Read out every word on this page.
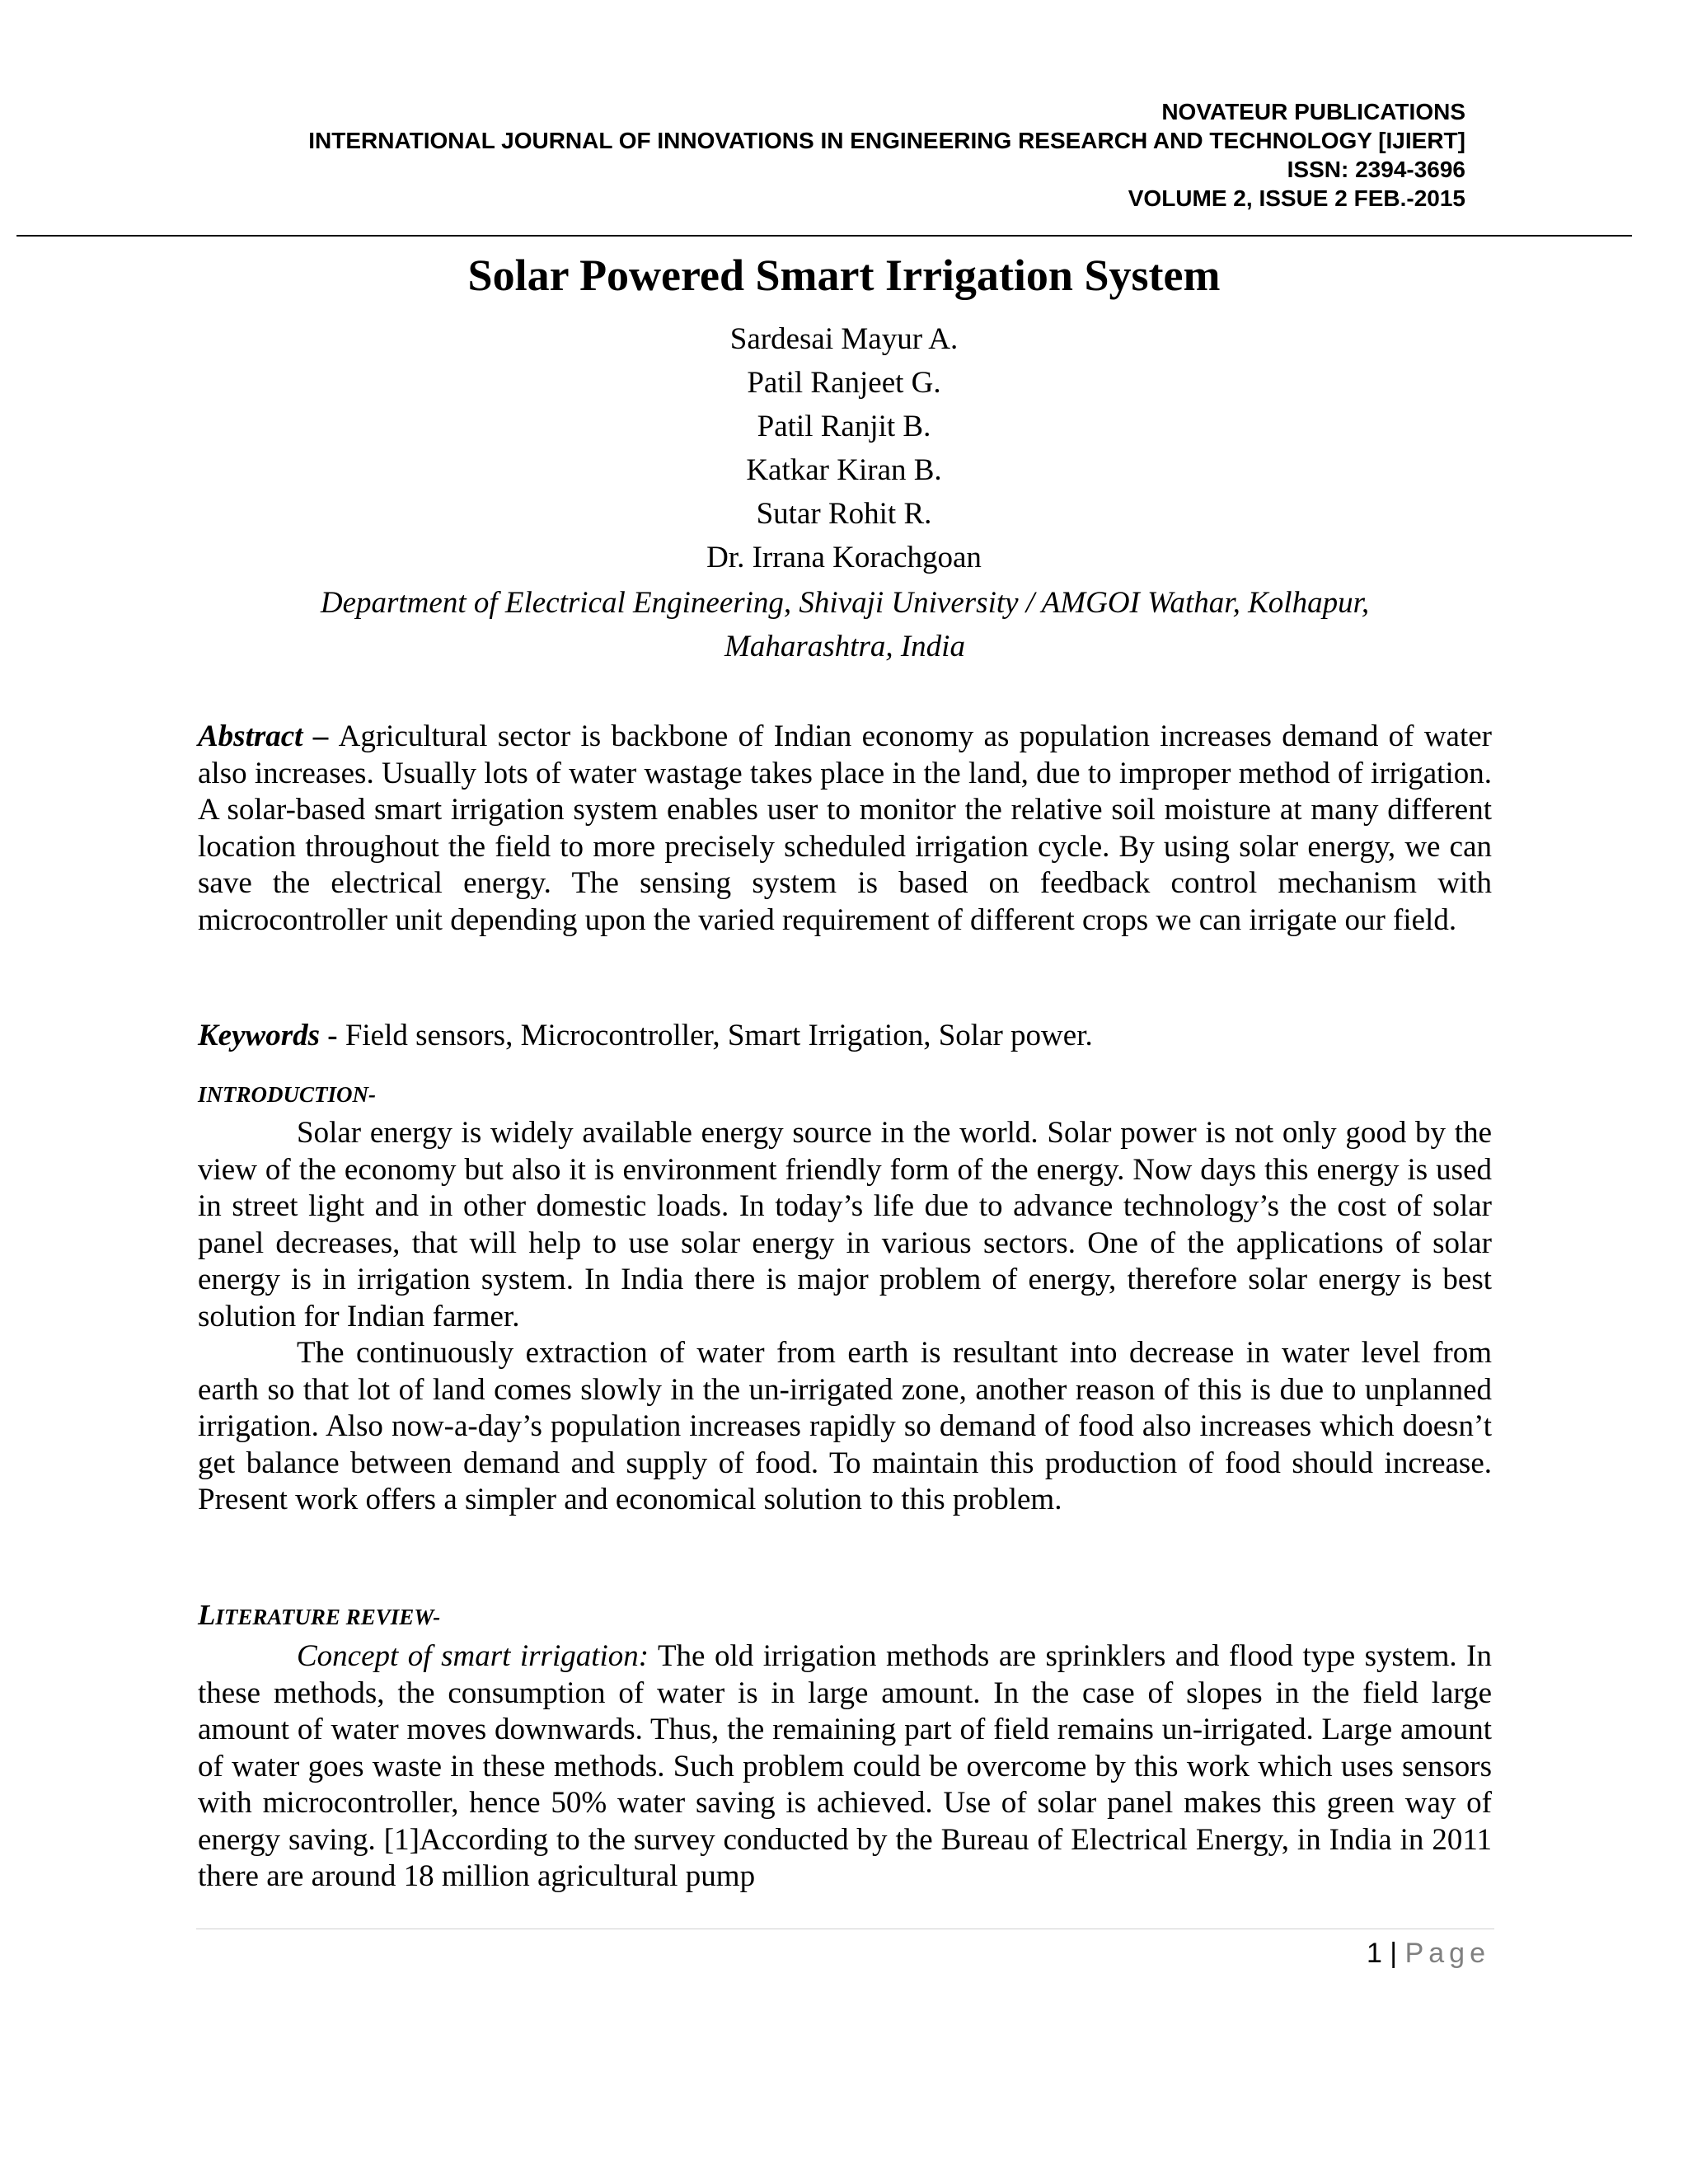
NOVATEUR PUBLICATIONS
INTERNATIONAL JOURNAL OF INNOVATIONS IN ENGINEERING RESEARCH AND TECHNOLOGY [IJIERT]
ISSN: 2394-3696
VOLUME 2, ISSUE 2 FEB.-2015
Solar Powered Smart Irrigation System
Sardesai Mayur A.
Patil Ranjeet G.
Patil Ranjit B.
Katkar Kiran B.
Sutar Rohit R.
Dr. Irrana Korachgoan
Department of Electrical Engineering, Shivaji University / AMGOI Wathar, Kolhapur,
Maharashtra, India

Abstract – Agricultural sector is backbone of Indian economy as population increases demand of water also increases. Usually lots of water wastage takes place in the land, due to improper method of irrigation. A solar-based smart irrigation system enables user to monitor the relative soil moisture at many different location throughout the field to more precisely scheduled irrigation cycle. By using solar energy, we can save the electrical energy. The sensing system is based on feedback control mechanism with microcontroller unit depending upon the varied requirement of different crops we can irrigate our field.

Keywords - Field sensors, Microcontroller, Smart Irrigation, Solar power.

INTRODUCTION-

Solar energy is widely available energy source in the world. Solar power is not only good by the view of the economy but also it is environment friendly form of the energy. Now days this energy is used in street light and in other domestic loads. In today’s life due to advance technology’s the cost of solar panel decreases, that will help to use solar energy in various sectors. One of the applications of solar energy is in irrigation system. In India there is major problem of energy, therefore solar energy is best solution for Indian farmer.

The continuously extraction of water from earth is resultant into decrease in water level from earth so that lot of land comes slowly in the un-irrigated zone, another reason of this is due to unplanned irrigation. Also now-a-day’s population increases rapidly so demand of food also increases which doesn’t get balance between demand and supply of food. To maintain this production of food should increase. Present work offers a simpler and economical solution to this problem.

LITERATURE REVIEW-

Concept of smart irrigation: The old irrigation methods are sprinklers and flood type system. In these methods, the consumption of water is in large amount. In the case of slopes in the field large amount of water moves downwards. Thus, the remaining part of field remains un-irrigated. Large amount of water goes waste in these methods. Such problem could be overcome by this work which uses sensors with microcontroller, hence 50% water saving is achieved. Use of solar panel makes this green way of energy saving. [1]According to the survey conducted by the Bureau of Electrical Energy, in India in 2011 there are around 18 million agricultural pump

1 | Page
